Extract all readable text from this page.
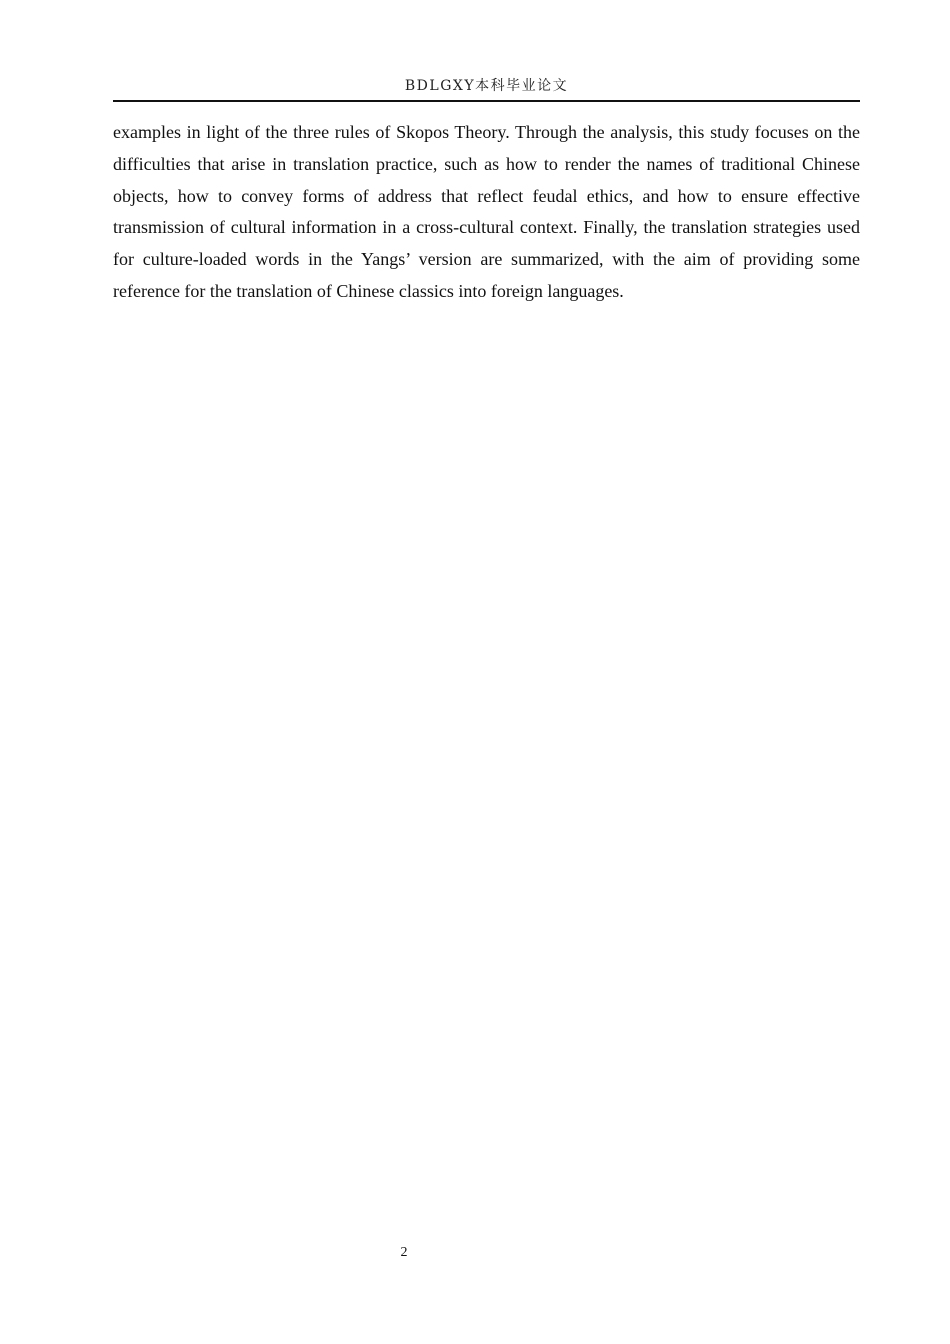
BDLGXY本科毕业论文

examples in light of the three rules of Skopos Theory. Through the analysis, this study focuses on the difficulties that arise in translation practice, such as how to render the names of traditional Chinese objects, how to convey forms of address that reflect feudal ethics, and how to ensure effective transmission of cultural information in a cross-cultural context. Finally, the translation strategies used for culture-loaded words in the Yangs’ version are summarized, with the aim of providing some reference for the translation of Chinese classics into foreign languages.

2
